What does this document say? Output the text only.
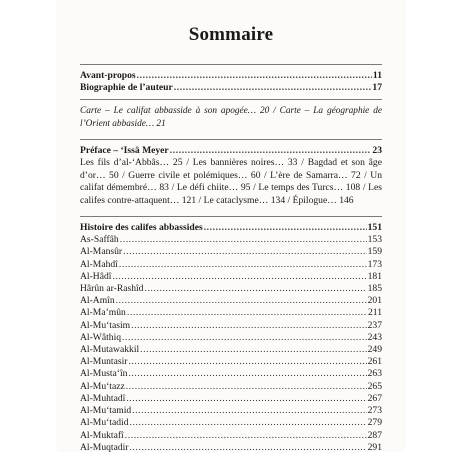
Sommaire
Avant-propos .....	11
Biographie de l’auteur .....	17
Carte – Le califat abbasside à son apogée… 20 / Carte – La géographie de l’Orient abbaside… 21
Préface – ‘Issâ Meyer .....	23
Les fils d’al-‘Abbâs… 25 / Les bannières noires… 33 / Bagdad et son âge d’or… 50 / Guerre civile et polémiques… 60 / L’ère de Samarra… 72 / Un califat démembré… 83 / Le défi chiite… 95 / Le temps des Turcs… 108 / Les califes contre-attaquent… 121 / Le cataclysme… 134 / Épilogue… 146
Histoire des califes abbassides .....	151
As-Saffâh .....	153
Al-Mansûr .....	159
Al-Mahdî .....	173
Al-Hâdî .....	181
Hârûn ar-Rashîd .....	185
Al-Amîn .....	201
Al-Ma’mûn .....	211
Al-Mu‘tasim .....	237
Al-Wâthiq .....	243
Al-Mutawakkil .....	249
Al-Muntasir .....	261
Al-Musta‘în .....	263
Al-Mu‘tazz .....	265
Al-Muhtadî .....	267
Al-Mu‘tamid .....	273
Al-Mu‘tadid .....	279
Al-Muktafî .....	287
Al-Muqtadir .....	291
